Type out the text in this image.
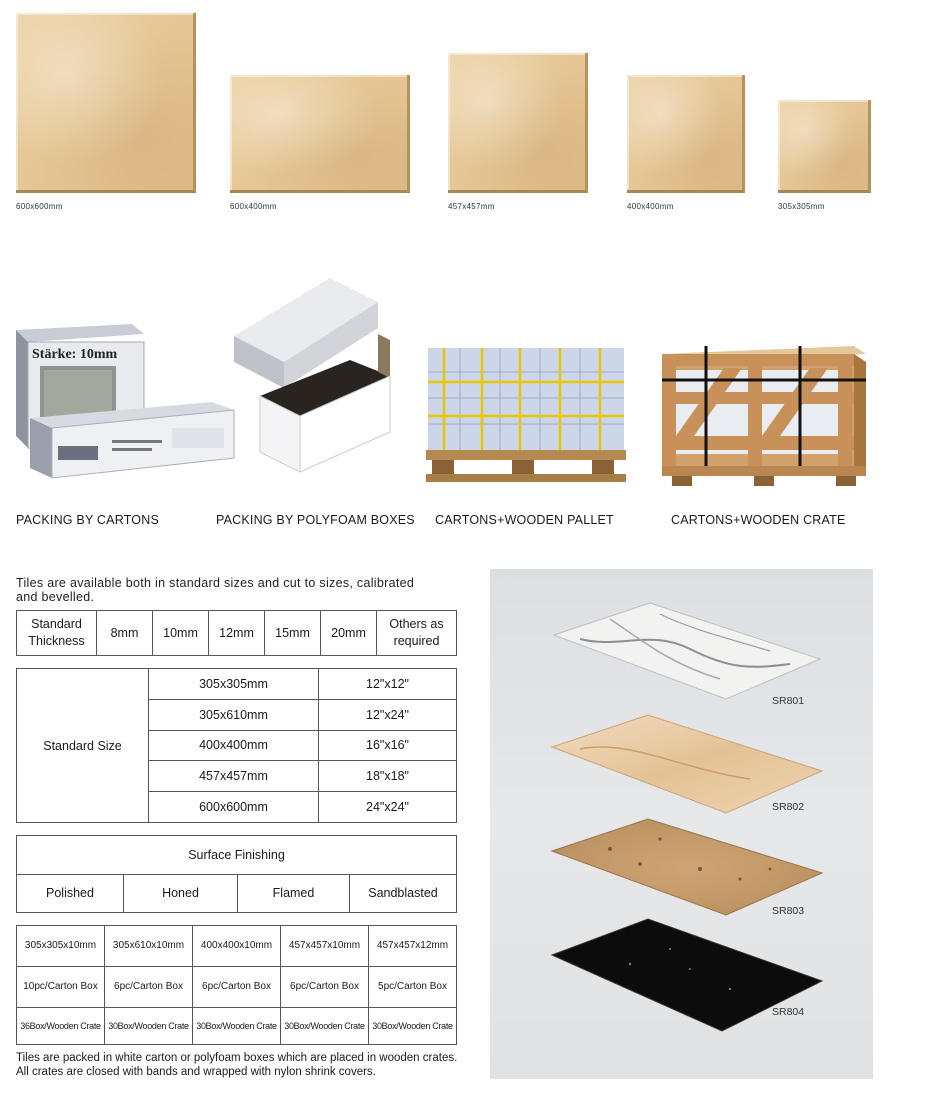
600x600mm	600x400mm	457x457mm	400x400mm	305x305mm
Stärke: 10mm
PACKING BY CARTONS	PACKING BY POLYFOAM BOXES CARTONS+WOODEN PALLET	CARTONS+WOODEN CRATE
Tiles are available both in standard sizes and cut to sizes, calibrated and bevelled.
Standard Thickness	8mm	10mm	12mm	15mm	20mm	Others as required
Standard Size	305x305mm	12"x12"
	305x610mm	12"x24"
	400x400mm	16"x16"
	457x457mm	18"x18"
	600x600mm	24"x24"
Surface Finishing
Polished	Honed	Flamed	Sandblasted
305x305x10mm	305x610x10mm	400x400x10mm	457x457x10mm	457x457x12mm
10pc/Carton Box	6pc/Carton Box	6pc/Carton Box	6pc/Carton Box	5pc/Carton Box
36Box/Wooden Crate	30Box/Wooden Crate	30Box/Wooden Crate	30Box/Wooden Crate	30Box/Wooden Crate
Tiles are packed in white carton or polyfoam boxes which are placed in wooden crates. All crates are closed with bands and wrapped with nylon shrink covers.
SR801
SR802
SR803
SR804
